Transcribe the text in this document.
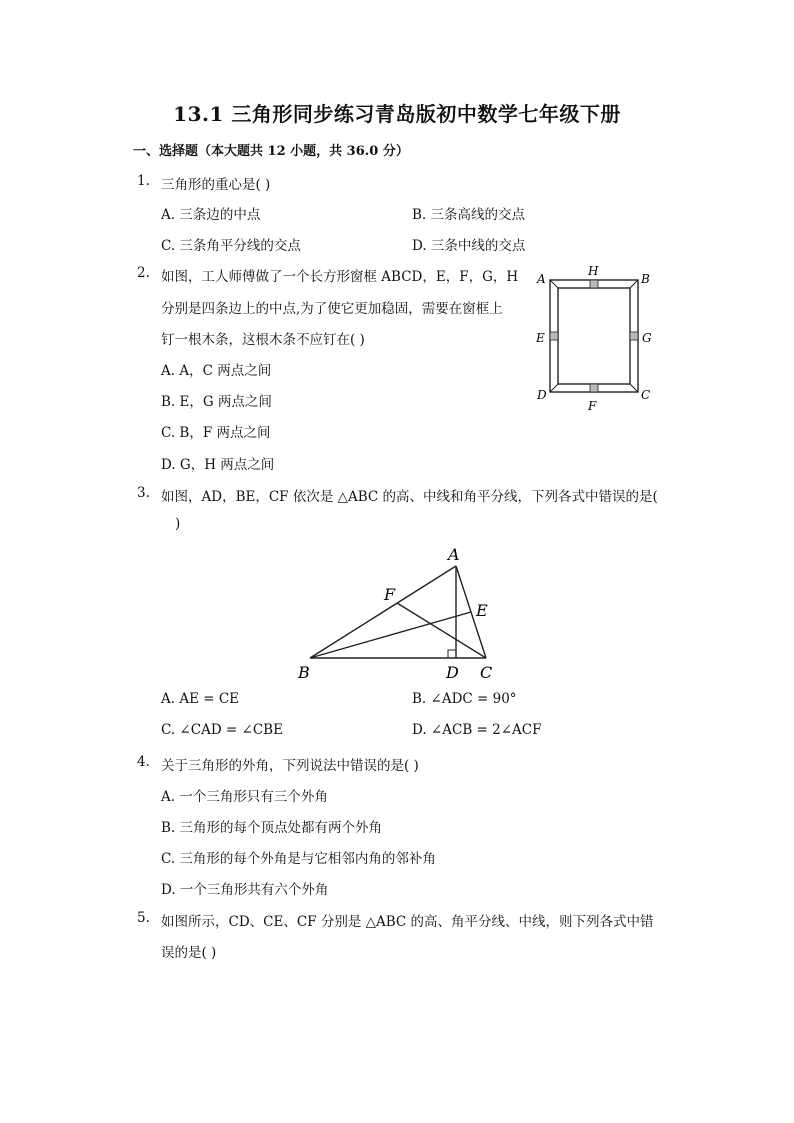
13.1 三角形同步练习青岛版初中数学七年级下册
一、选择题（本大题共 12 小题，共 36.0 分）
1. 三角形的重心是( )
A. 三条边的中点	B. 三条高线的交点
C. 三条角平分线的交点	D. 三条中线的交点
2. 如图，工人师傅做了一个长方形窗框 ABCD，E，F，G，H
分别是四条边上的中点,为了使它更加稳固，需要在窗框上
钉一根木条，这根木条不应钉在( )
A. A，C 两点之间
B. E，G 两点之间
C. B，F 两点之间
D. G，H 两点之间
A
H
B
E	G
D
F
C
3. 如图，AD，BE，CF 依次是 △ABC 的高、中线和角平分线，下列各式中错误的是(
)
A
B	C
D
E
F
A. AE = CE	B. ∠ADC = 90°
C. ∠CAD = ∠CBE	D. ∠ACB = 2∠ACF
4. 关于三角形的外角，下列说法中错误的是( )
A. 一个三角形只有三个外角
B. 三角形的每个顶点处都有两个外角
C. 三角形的每个外角是与它相邻内角的邻补角
D. 一个三角形共有六个外角
5. 如图所示，CD、CE、CF 分别是 △ABC 的高、角平分线、中线，则下列各式中错
误的是( )
